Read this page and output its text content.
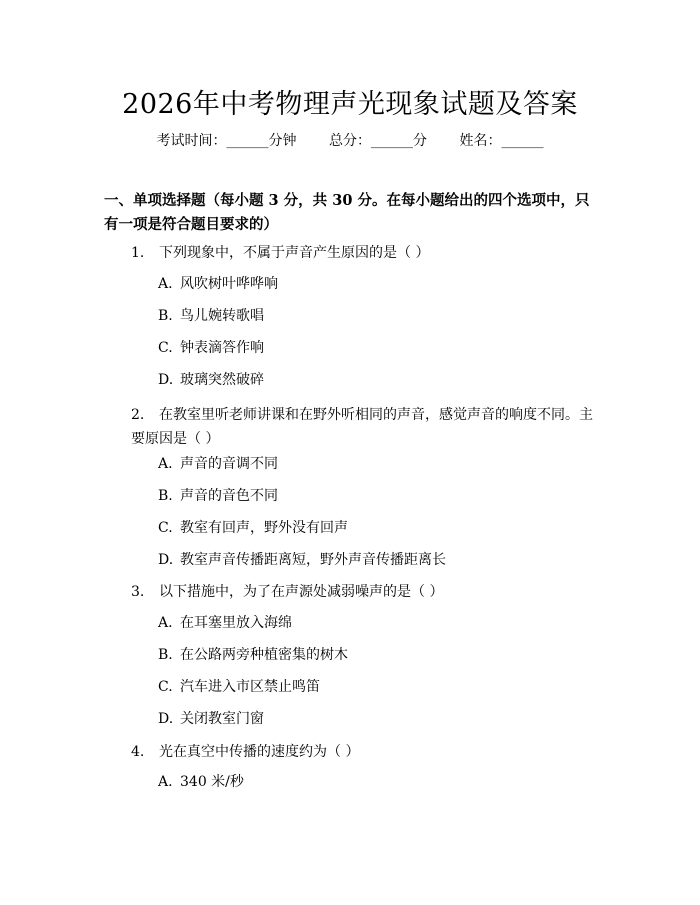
2026年中考物理声光现象试题及答案
考试时间：______分钟 总分：______分 姓名：______
一、单项选择题（每小题 3 分，共 30 分。在每小题给出的四个选项中，只有一项是符合题目要求的）
1. 下列现象中，不属于声音产生原因的是（ ）
A. 风吹树叶哗哗响
B. 鸟儿婉转歌唱
C. 钟表滴答作响
D. 玻璃突然破碎
2. 在教室里听老师讲课和在野外听相同的声音，感觉声音的响度不同。主要原因是（ ）
A. 声音的音调不同
B. 声音的音色不同
C. 教室有回声，野外没有回声
D. 教室声音传播距离短，野外声音传播距离长
3. 以下措施中，为了在声源处减弱噪声的是（ ）
A. 在耳塞里放入海绵
B. 在公路两旁种植密集的树木
C. 汽车进入市区禁止鸣笛
D. 关闭教室门窗
4. 光在真空中传播的速度约为（ ）
A. 340 米/秒
